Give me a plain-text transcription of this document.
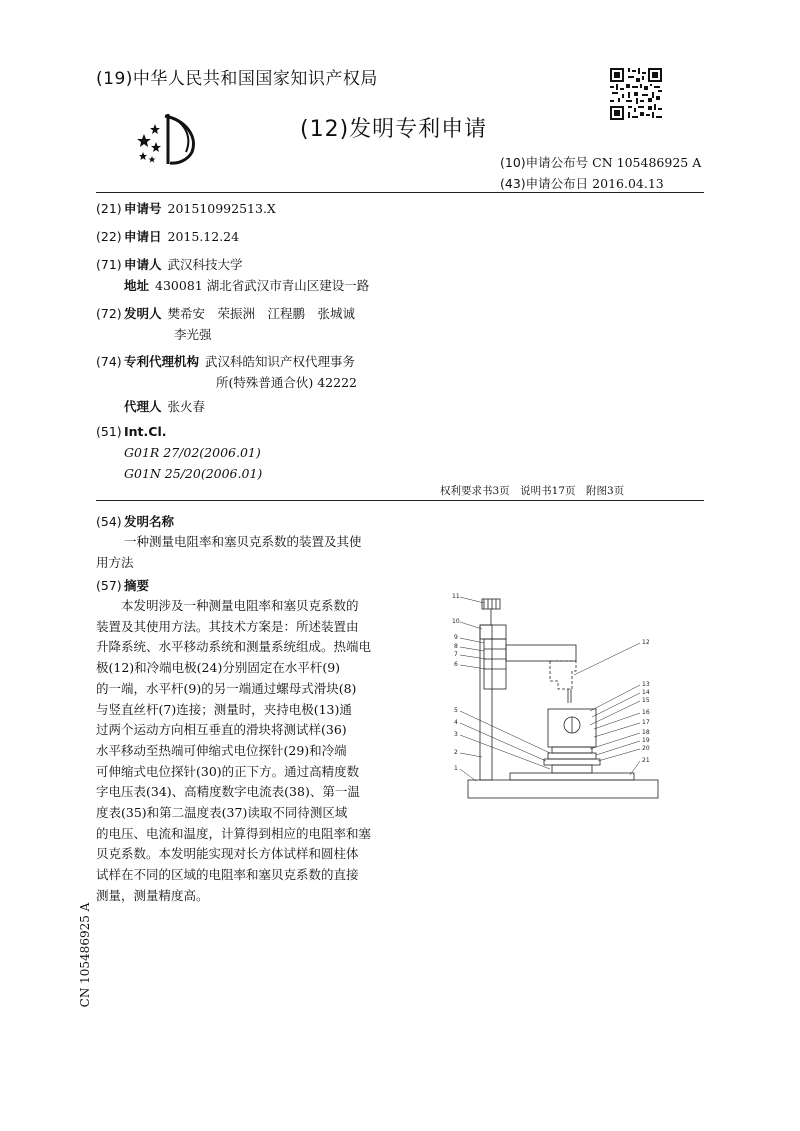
(19)中华人民共和国国家知识产权局
(12)发明专利申请
(10)申请公布号 CN 105486925 A
(43)申请公布日 2016.04.13
(21) 申请号 201510992513.X
(22) 申请日 2015.12.24
(71) 申请人 武汉科技大学
地址 430081 湖北省武汉市青山区建设一路
(72) 发明人 樊希安　荣振洲　江程鹏　张城诚
李光强
(74) 专利代理机构 武汉科皓知识产权代理事务
所(特殊普通合伙) 42222
代理人 张火春
(51) Int.Cl.
G01R 27/02(2006.01)
G01N 25/20(2006.01)
权利要求书3页　说明书17页　附图3页
(54) 发明名称

一种测量电阻率和塞贝克系数的装置及其使

用方法

(57) 摘要

　　本发明涉及一种测量电阻率和塞贝克系数的

装置及其使用方法。其技术方案是：所述装置由

升降系统、水平移动系统和测量系统组成。热端电

极(12)和冷端电极(24)分别固定在水平杆(9)

的一端，水平杆(9)的另一端通过螺母式滑块(8)

与竖直丝杆(7)连接；测量时，夹持电极(13)通

过两个运动方向相互垂直的滑块将测试样(36)

水平移动至热端可伸缩式电位探针(29)和冷端

可伸缩式电位探针(30)的正下方。通过高精度数

字电压表(34)、高精度数字电流表(38)、第一温

度表(35)和第二温度表(37)读取不同待测区域

的电压、电流和温度，计算得到相应的电阻率和塞

贝克系数。本发明能实现对长方体试样和圆柱体

试样在不同的区域的电阻率和塞贝克系数的直接

测量，测量精度高。

CN 105486925 A
11
10
9
8
7
6
5
4
3
2
1
12
13
14
15
16
17
18
19
20
21
